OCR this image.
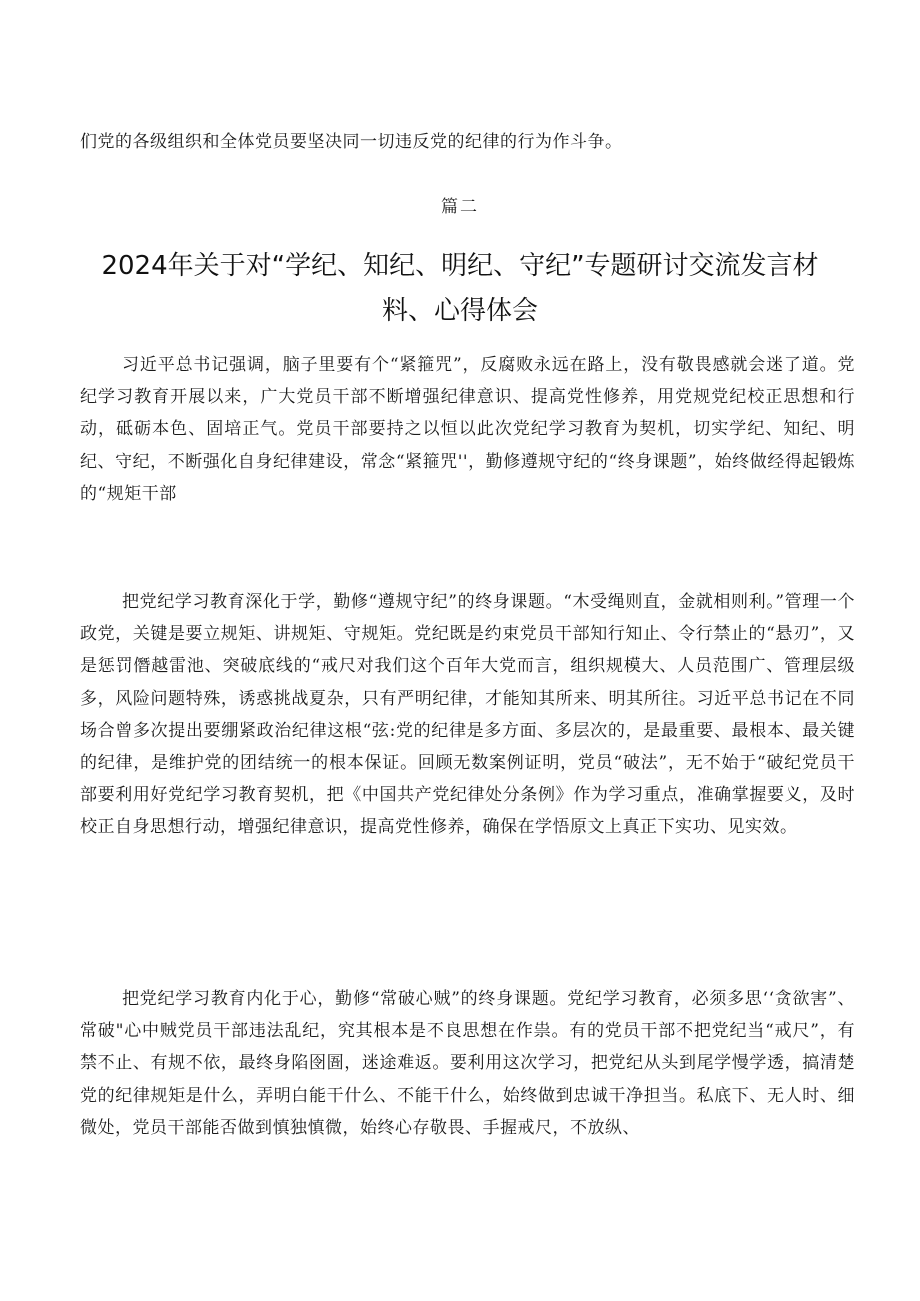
们党的各级组织和全体党员要坚决同一切违反党的纪律的行为作斗争。

篇二

2024年关于对“学纪、知纪、明纪、守纪”专题研讨交流发言材料、心得体会

习近平总书记强调，脑子里要有个“紧箍咒”，反腐败永远在路上，没有敬畏感就会迷了道。党纪学习教育开展以来，广大党员干部不断增强纪律意识、提高党性修养，用党规党纪校正思想和行动，砥砺本色、固培正气。党员干部要持之以恒以此次党纪学习教育为契机，切实学纪、知纪、明纪、守纪，不断强化自身纪律建设，常念“紧箍咒''，勤修遵规守纪的“终身课题”，始终做经得起锻炼的“规矩干部

把党纪学习教育深化于学，勤修“遵规守纪”的终身课题。“木受绳则直，金就相则利。”管理一个政党，关键是要立规矩、讲规矩、守规矩。党纪既是约束党员干部知行知止、令行禁止的“悬刃”，又是惩罚僭越雷池、突破底线的“戒尺对我们这个百年大党而言，组织规模大、人员范围广、管理层级多，风险问题特殊，诱惑挑战夏杂，只有严明纪律，才能知其所来、明其所往。习近平总书记在不同场合曾多次提出要绷紧政治纪律这根“弦:党的纪律是多方面、多层次的，是最重要、最根本、最关键的纪律，是维护党的团结统一的根本保证。回顾无数案例证明，党员“破法”，无不始于“破纪党员干部要利用好党纪学习教育契机，把《中国共产党纪律处分条例》作为学习重点，准确掌握要义，及时校正自身思想行动，增强纪律意识，提高党性修养，确保在学悟原文上真正下实功、见实效。

把党纪学习教育内化于心，勤修“常破心贼”的终身课题。党纪学习教育，必须多思‘‘贪欲害”、常破"心中贼党员干部违法乱纪，究其根本是不良思想在作祟。有的党员干部不把党纪当“戒尺”，有禁不止、有规不依，最终身陷囹圄，迷途难返。要利用这次学习，把党纪从头到尾学慢学透，搞清楚党的纪律规矩是什么，弄明白能干什么、不能干什么，始终做到忠诚干净担当。私底下、无人时、细微处，党员干部能否做到慎独慎微，始终心存敬畏、手握戒尺，不放纵、
